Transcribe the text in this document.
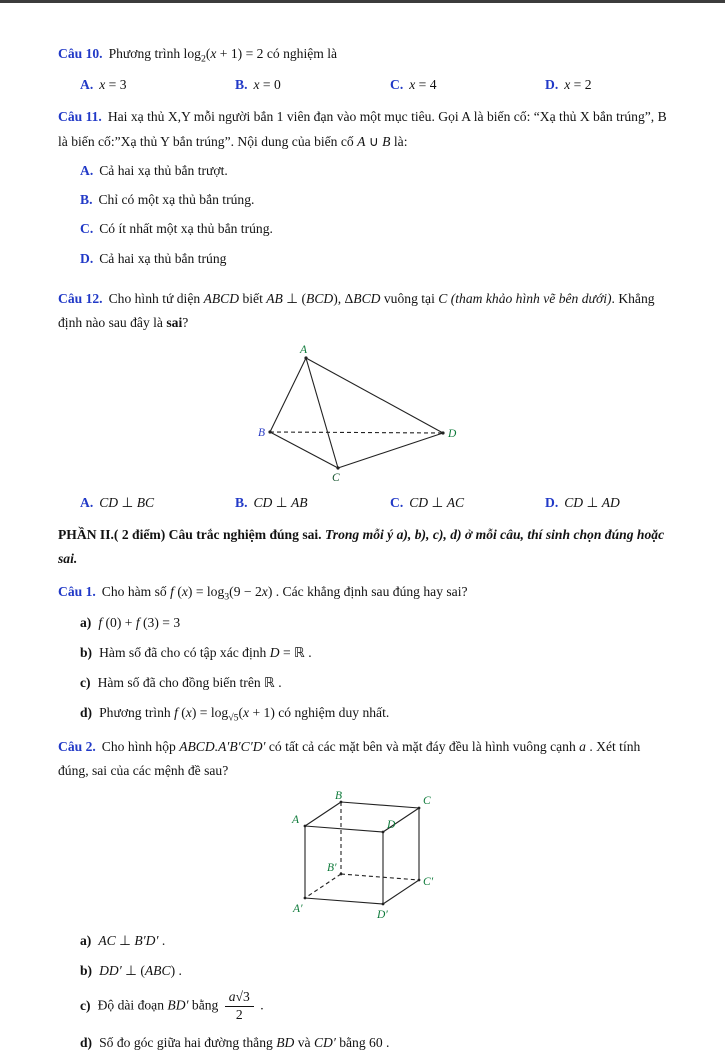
Câu 10. Phương trình $\log_2(x + 1) = 2$ có nghiệm là

A. x = 3	B. x = 0	C. x = 4	D. x = 2

Câu 11. Hai xạ thủ X,Y mỗi người bắn 1 viên đạn vào một mục tiêu. Gọi A là biến cố: “Xạ thủ X bắn trúng”, B là biến cố:”Xạ thủ Y bắn trúng”. Nội dung của biến cố A ∪ B là:

A. Cả hai xạ thủ bắn trượt.
B. Chỉ có một xạ thủ bắn trúng.
C. Có ít nhất một xạ thủ bắn trúng.
D. Cả hai xạ thủ bắn trúng

Câu 12. Cho hình tứ diện ABCD biết AB ⊥ (BCD), ΔBCD vuông tại C (tham khảo hình vẽ bên dưới). Khẳng định nào sau đây là sai?

A
B
C
D
A. CD ⊥ BC	B. CD ⊥ AB	C. CD ⊥ AC	D. CD ⊥ AD

PHẦN II.( 2 điểm) Câu trắc nghiệm đúng sai. Trong mỗi ý a), b), c), d) ở mỗi câu, thí sinh chọn đúng hoặc sai.

Câu 1. Cho hàm số f $(x) = \log_3(9 - 2x)$ . Các khẳng định sau đúng hay sai?

a) f (0) + f (3) = 3
b) Hàm số đã cho có tập xác định D = ℝ .
c) Hàm số đã cho đồng biến trên ℝ .
d) Phương trình f $(x) = \log_{√5}(x + 1)$ có nghiệm duy nhất.

Câu 2. Cho hình hộp ABCD.A′B′C′D′ có tất cả các mặt bên và mặt đáy đều là hình vuông cạnh a . Xét tính đúng, sai của các mệnh đề sau?

A
B	C
D
A′
B′
C′
D′
a) AC ⊥ B′D′ .
b) DD′ ⊥ (ABC) .
c) Độ dài đoạn BD′ bằng $\frac{a√3}{2}$ .
d) Số đo góc giữa hai đường thẳng BD và CD′ bằng 60 .
